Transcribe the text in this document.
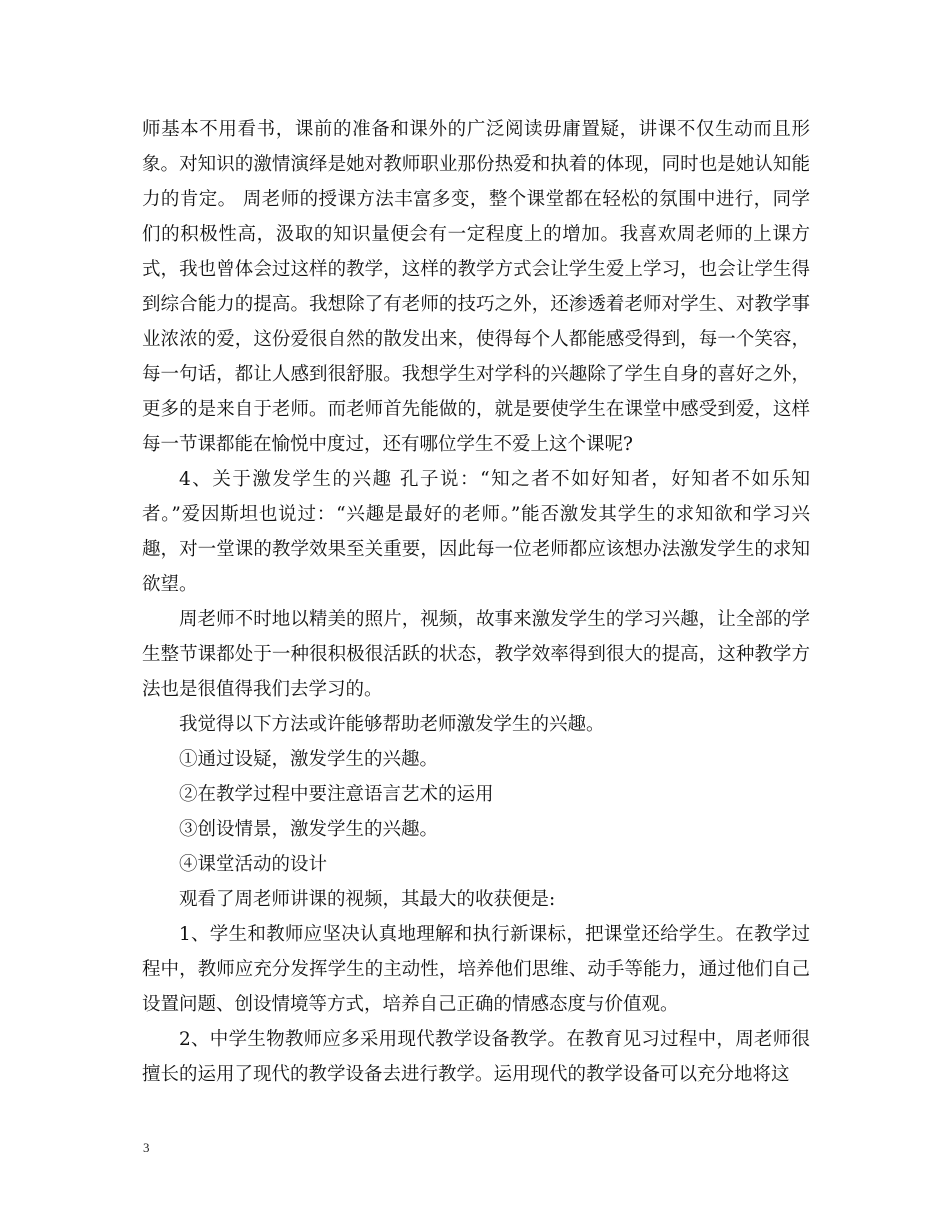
师基本不用看书，课前的准备和课外的广泛阅读毋庸置疑，讲课不仅生动而且形象。对知识的激情演绎是她对教师职业那份热爱和执着的体现，同时也是她认知能力的肯定。 周老师的授课方法丰富多变，整个课堂都在轻松的氛围中进行，同学们的积极性高，汲取的知识量便会有一定程度上的增加。我喜欢周老师的上课方式，我也曾体会过这样的教学，这样的教学方式会让学生爱上学习，也会让学生得到综合能力的提高。我想除了有老师的技巧之外，还渗透着老师对学生、对教学事业浓浓的爱，这份爱很自然的散发出来，使得每个人都能感受得到，每一个笑容，每一句话，都让人感到很舒服。我想学生对学科的兴趣除了学生自身的喜好之外，更多的是来自于老师。而老师首先能做的，就是要使学生在课堂中感受到爱，这样每一节课都能在愉悦中度过，还有哪位学生不爱上这个课呢?

4、关于激发学生的兴趣 孔子说：“知之者不如好知者，好知者不如乐知者。”爱因斯坦也说过：“兴趣是最好的老师。”能否激发其学生的求知欲和学习兴趣，对一堂课的教学效果至关重要，因此每一位老师都应该想办法激发学生的求知欲望。

周老师不时地以精美的照片，视频，故事来激发学生的学习兴趣，让全部的学生整节课都处于一种很积极很活跃的状态，教学效率得到很大的提高，这种教学方法也是很值得我们去学习的。

我觉得以下方法或许能够帮助老师激发学生的兴趣。

①通过设疑，激发学生的兴趣。

②在教学过程中要注意语言艺术的运用

③创设情景，激发学生的兴趣。

④课堂活动的设计

观看了周老师讲课的视频，其最大的收获便是:

1、学生和教师应坚决认真地理解和执行新课标，把课堂还给学生。在教学过程中，教师应充分发挥学生的主动性，培养他们思维、动手等能力，通过他们自己设置问题、创设情境等方式，培养自己正确的情感态度与价值观。

2、中学生物教师应多采用现代教学设备教学。在教育见习过程中，周老师很擅长的运用了现代的教学设备去进行教学。运用现代的教学设备可以充分地将这

3
